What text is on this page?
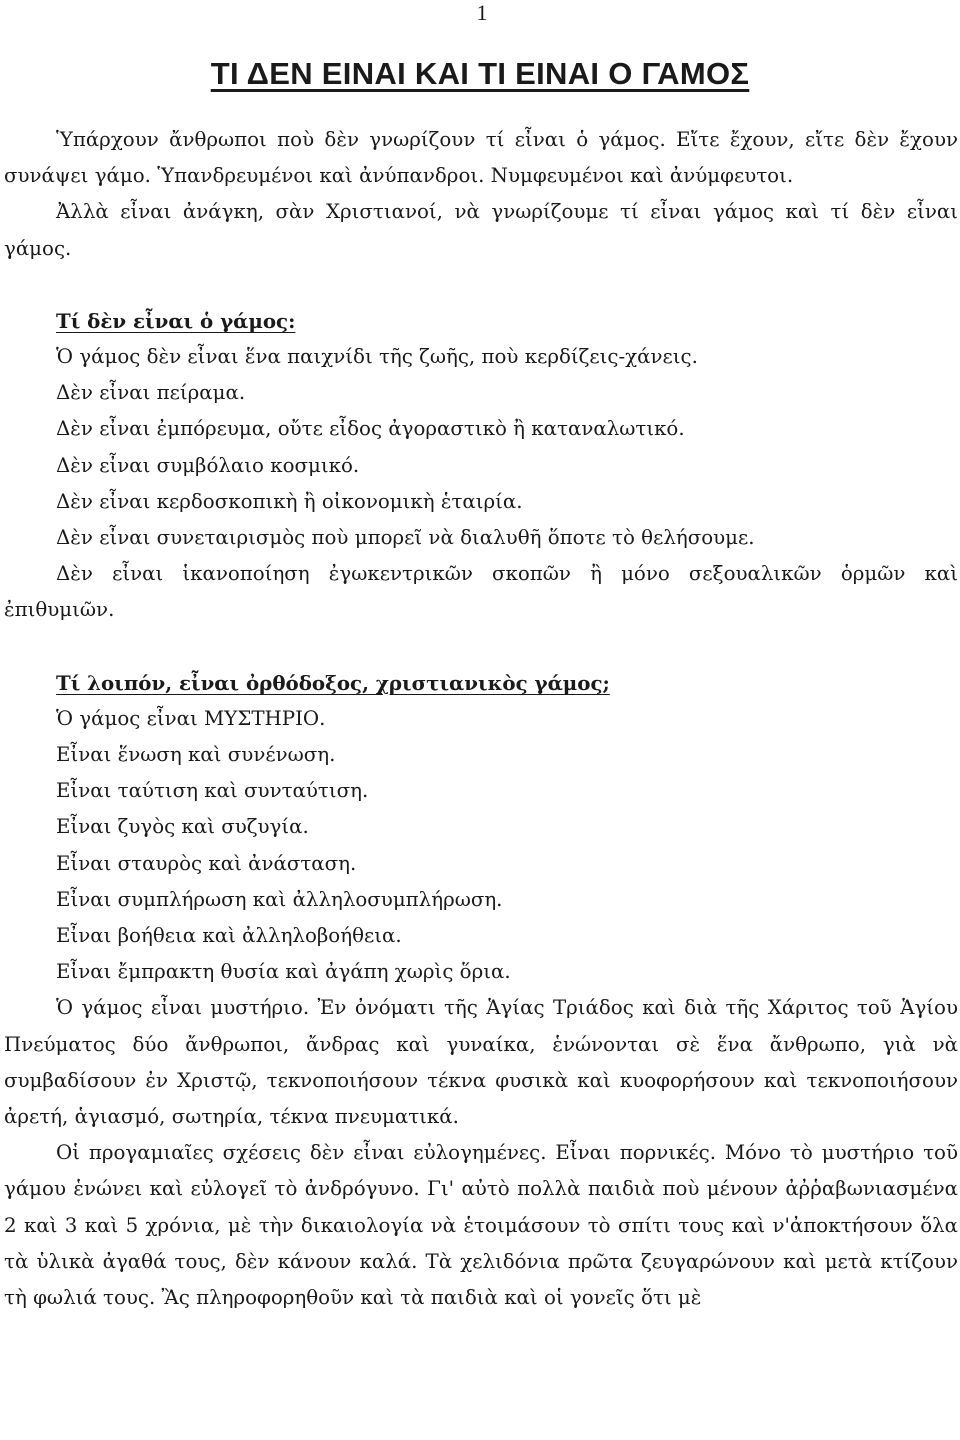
1
ΤΙ ΔΕΝ ΕΙΝΑΙ ΚΑΙ ΤΙ ΕΙΝΑΙ Ο ΓΑΜΟΣ

Ὑπάρχουν ἄνθρωποι ποὺ δὲν γνωρίζουν τί εἶναι ὁ γάμος. Εἴτε ἔχουν, εἴτε δὲν ἔχουν συνάψει γάμο. Ὑπανδρευμένοι καὶ ἀνύπανδροι. Νυμφευμένοι καὶ ἀνύμφευτοι.

Ἀλλὰ εἶναι ἀνάγκη, σὰν Χριστιανοί, νὰ γνωρίζουμε τί εἶναι γάμος καὶ τί δὲν εἶναι γάμος.

Τί δὲν εἶναι ὁ γάμος:

Ὁ γάμος δὲν εἶναι ἕνα παιχνίδι τῆς ζωῆς, ποὺ κερδίζεις-χάνεις.

Δὲν εἶναι πείραμα.

Δὲν εἶναι ἐμπόρευμα, οὔτε εἶδος ἀγοραστικὸ ἢ καταναλωτικό.

Δὲν εἶναι συμβόλαιο κοσμικό.

Δὲν εἶναι κερδοσκοπικὴ ἢ οἰκονομικὴ ἑταιρία.

Δὲν εἶναι συνεταιρισμὸς ποὺ μπορεῖ νὰ διαλυθῆ ὅποτε τὸ θελήσουμε.

Δὲν εἶναι ἱκανοποίηση ἐγωκεντρικῶν σκοπῶν ἢ μόνο σεξουαλικῶν ὁρμῶν καὶ ἐπιθυμιῶν.

Τί λοιπόν, εἶναι ὀρθόδοξος, χριστιανικὸς γάμος;

Ὁ γάμος εἶναι ΜΥΣΤΗΡΙΟ.

Εἶναι ἕνωση καὶ συνένωση.

Εἶναι ταύτιση καὶ συνταύτιση.

Εἶναι ζυγὸς καὶ συζυγία.

Εἶναι σταυρὸς καὶ ἀνάσταση.

Εἶναι συμπλήρωση καὶ ἀλληλοσυμπλήρωση.

Εἶναι βοήθεια καὶ ἀλληλοβοήθεια.

Εἶναι ἔμπρακτη θυσία καὶ ἀγάπη χωρὶς ὅρια.

Ὁ γάμος εἶναι μυστήριο. Ἐν ὀνόματι τῆς Ἁγίας Τριάδος καὶ διὰ τῆς Χάριτος τοῦ Ἁγίου Πνεύματος δύο ἄνθρωποι, ἄνδρας καὶ γυναίκα, ἑνώνονται σὲ ἕνα ἄνθρωπο, γιὰ νὰ συμβαδίσουν ἐν Χριστῷ, τεκνοποιήσουν τέκνα φυσικὰ καὶ κυοφορήσουν καὶ τεκνοποιήσουν ἀρετή, ἁγιασμό, σωτηρία, τέκνα πνευματικά.

Οἱ προγαμιαῖες σχέσεις δὲν εἶναι εὐλογημένες. Εἶναι πορνικές. Μόνο τὸ μυστήριο τοῦ γάμου ἑνώνει καὶ εὐλογεῖ τὸ ἀνδρόγυνο. Γι' αὐτὸ πολλὰ παιδιὰ ποὺ μένουν ἀῤῥαβωνιασμένα 2 καὶ 3 καὶ 5 χρόνια, μὲ τὴν δικαιολογία νὰ ἑτοιμάσουν τὸ σπίτι τους καὶ ν'ἀποκτήσουν ὅλα τὰ ὑλικὰ ἀγαθά τους, δὲν κάνουν καλά. Τὰ χελιδόνια πρῶτα ζευγαρώνουν καὶ μετὰ κτίζουν τὴ φωλιά τους. Ἂς πληροφορηθοῦν καὶ τὰ παιδιὰ καὶ οἱ γονεῖς ὅτι μὲ
